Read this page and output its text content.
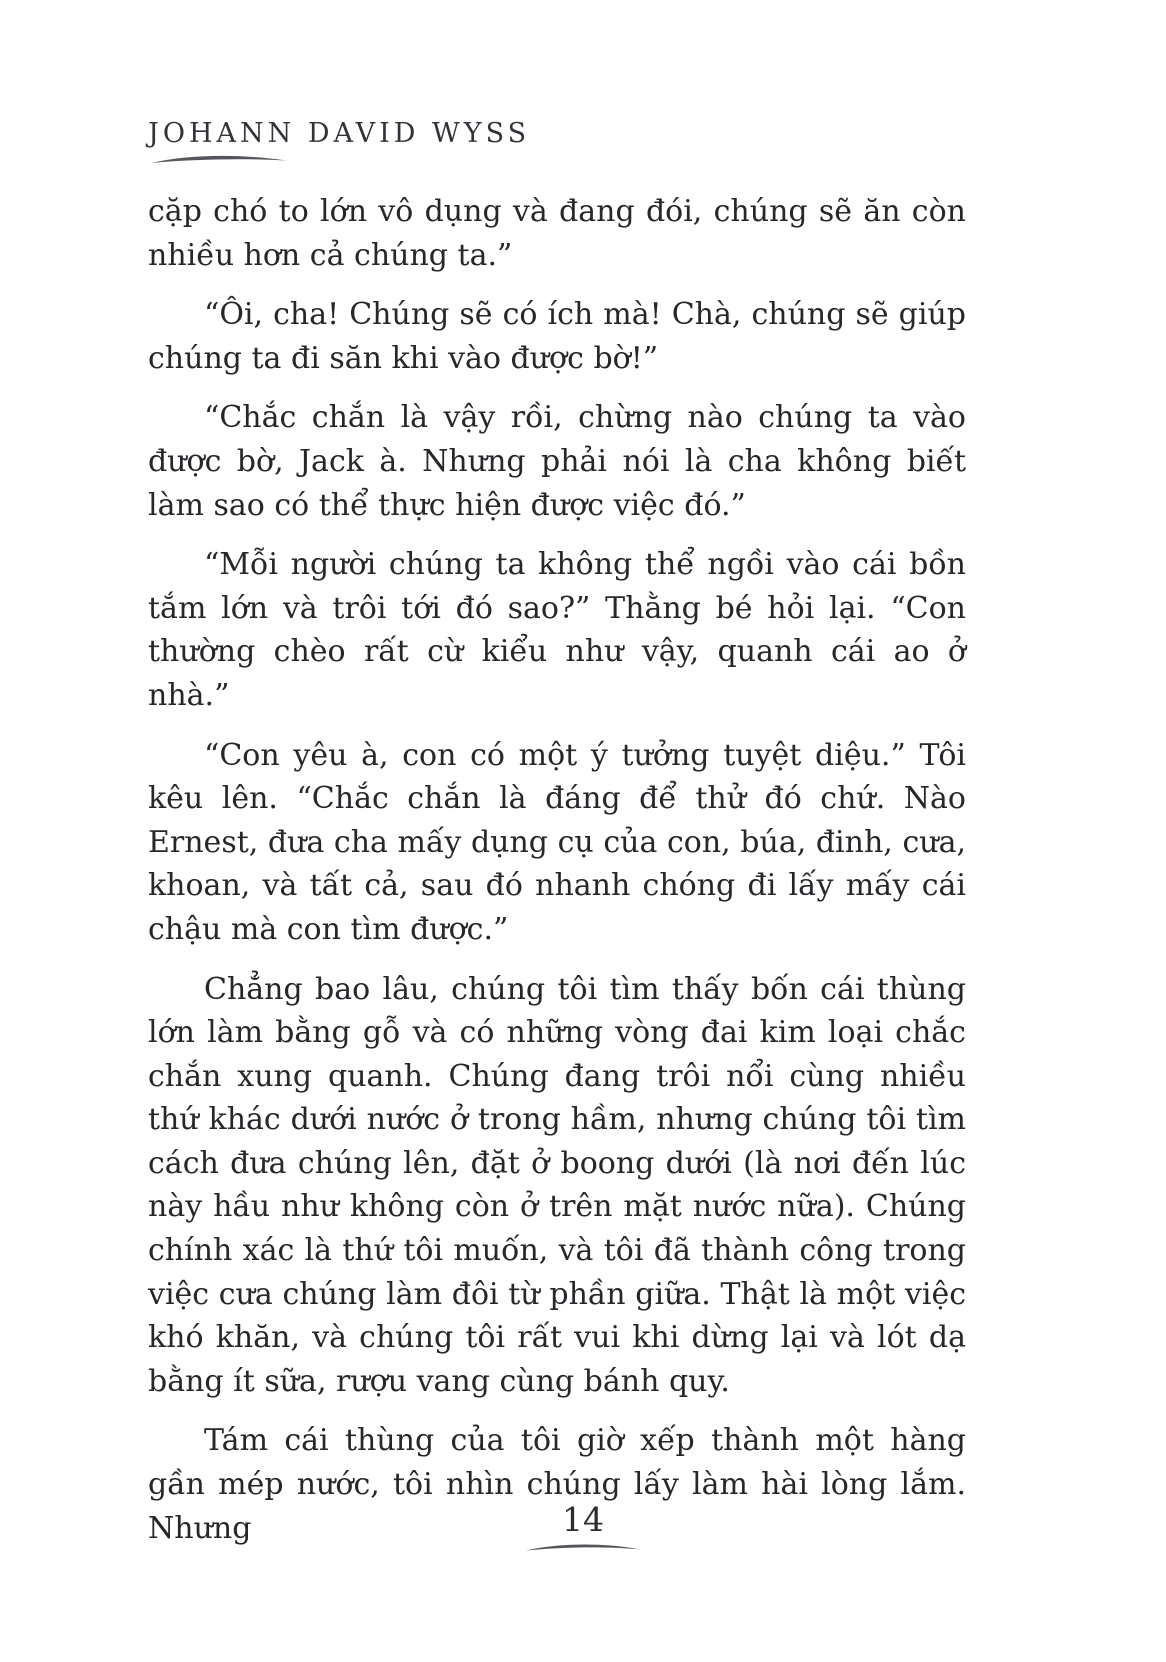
JOHANN DAVID WYSS

cặp chó to lớn vô dụng và đang đói, chúng sẽ ăn còn nhiều hơn cả chúng ta.”

“Ôi, cha! Chúng sẽ có ích mà! Chà, chúng sẽ giúp chúng ta đi săn khi vào được bờ!”

“Chắc chắn là vậy rồi, chừng nào chúng ta vào được bờ, Jack à. Nhưng phải nói là cha không biết làm sao có thể thực hiện được việc đó.”

“Mỗi người chúng ta không thể ngồi vào cái bồn tắm lớn và trôi tới đó sao?” Thằng bé hỏi lại. “Con thường chèo rất cừ kiểu như vậy, quanh cái ao ở nhà.”

“Con yêu à, con có một ý tưởng tuyệt diệu.” Tôi kêu lên. “Chắc chắn là đáng để thử đó chứ. Nào Ernest, đưa cha mấy dụng cụ của con, búa, đinh, cưa, khoan, và tất cả, sau đó nhanh chóng đi lấy mấy cái chậu mà con tìm được.”

Chẳng bao lâu, chúng tôi tìm thấy bốn cái thùng lớn làm bằng gỗ và có những vòng đai kim loại chắc chắn xung quanh. Chúng đang trôi nổi cùng nhiều thứ khác dưới nước ở trong hầm, nhưng chúng tôi tìm cách đưa chúng lên, đặt ở boong dưới (là nơi đến lúc này hầu như không còn ở trên mặt nước nữa). Chúng chính xác là thứ tôi muốn, và tôi đã thành công trong việc cưa chúng làm đôi từ phần giữa. Thật là một việc khó khăn, và chúng tôi rất vui khi dừng lại và lót dạ bằng ít sữa, rượu vang cùng bánh quy.

Tám cái thùng của tôi giờ xếp thành một hàng gần mép nước, tôi nhìn chúng lấy làm hài lòng lắm. Nhưng	14
